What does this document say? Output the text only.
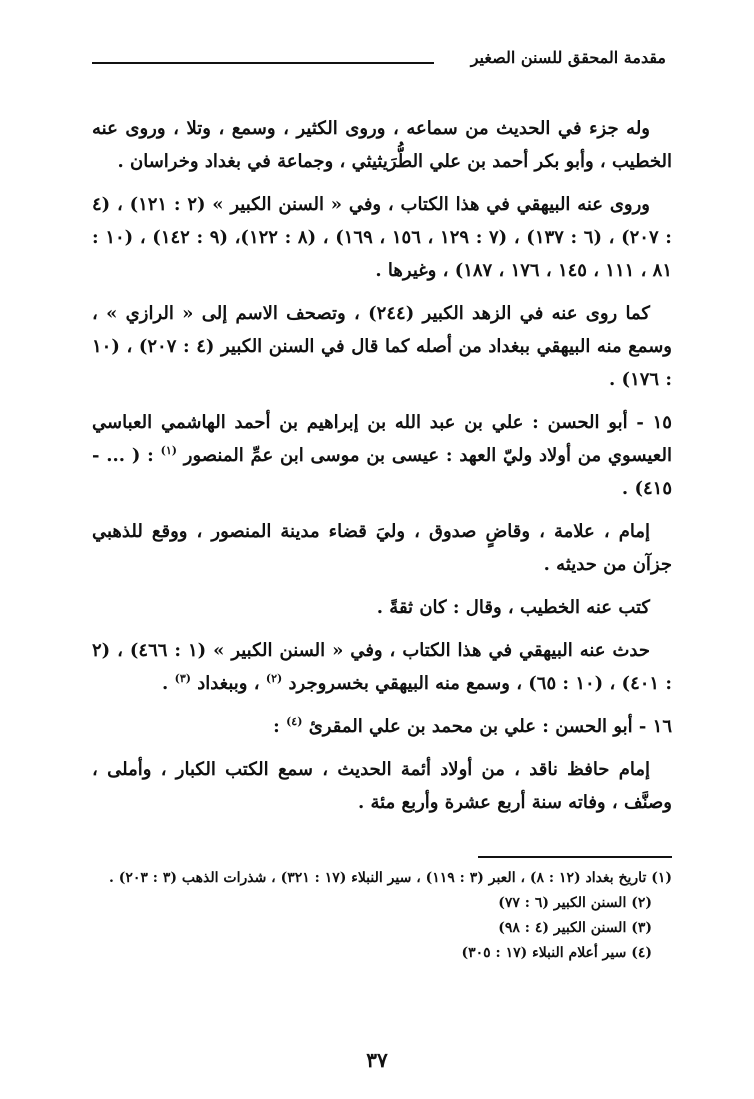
مقدمة المحقق للسنن الصغير

وله جزء في الحديث من سماعه ، وروى الكثير ، وسمع ، وتلا ، وروى عنه الخطيب ، وأبو بكر أحمد بن علي الطُّرَيثيثي ، وجماعة في بغداد وخراسان .

وروى عنه البيهقي في هذا الكتاب ، وفي « السنن الكبير » (٢ : ١٢١) ، (٤ : ٢٠٧) ، (٦ : ١٣٧) ، (٧ : ١٢٩ ، ١٥٦ ، ١٦٩) ، (٨ : ١٢٢)، (٩ : ١٤٢) ، (١٠ : ٨١ ، ١١١ ، ١٤٥ ، ١٧٦ ، ١٨٧) ، وغيرها .

كما روى عنه في الزهد الكبير (٢٤٤) ، وتصحف الاسم إلى « الرازي » ، وسمع منه البيهقي ببغداد من أصله كما قال في السنن الكبير (٤ : ٢٠٧) ، (١٠ : ١٧٦) .

١٥ - أبو الحسن : علي بن عبد الله بن إبراهيم بن أحمد الهاشمي العباسي العيسوي من أولاد وليّ العهد : عيسى بن موسى ابن عمِّ المنصور $^{(١)}$ : ( ... - ٤١٥) .

إمام ، علامة ، وقاضٍ صدوق ، وليَ قضاء مدينة المنصور ، ووقع للذهبي جزآن من حديثه .

كتب عنه الخطيب ، وقال : كان ثقةً .

حدث عنه البيهقي في هذا الكتاب ، وفي « السنن الكبير » (١ : ٤٦٦) ، (٢ : ٤٠١) ، (١٠ : ٦٥) ، وسمع منه البيهقي بخسروجرد $^{(٢)}$ ، وببغداد $^{(٣)}$ .

١٦ - أبو الحسن : علي بن محمد بن علي المقرئ $^{(٤)}$ :

إمام حافظ ناقد ، من أولاد أئمة الحديث ، سمع الكتب الكبار ، وأملى ، وصنَّف ، وفاته سنة أربع عشرة وأربع مئة .

(١) تاريخ بغداد (١٢ : ٨) ، العبر (٣ : ١١٩) ، سير النبلاء (١٧ : ٣٢١) ، شذرات الذهب (٣ : ٢٠٣) .
(٢) السنن الكبير (٦ : ٧٧)
(٣) السنن الكبير (٤ : ٩٨)
(٤) سير أعلام النبلاء (١٧ : ٣٠٥)
٣٧
